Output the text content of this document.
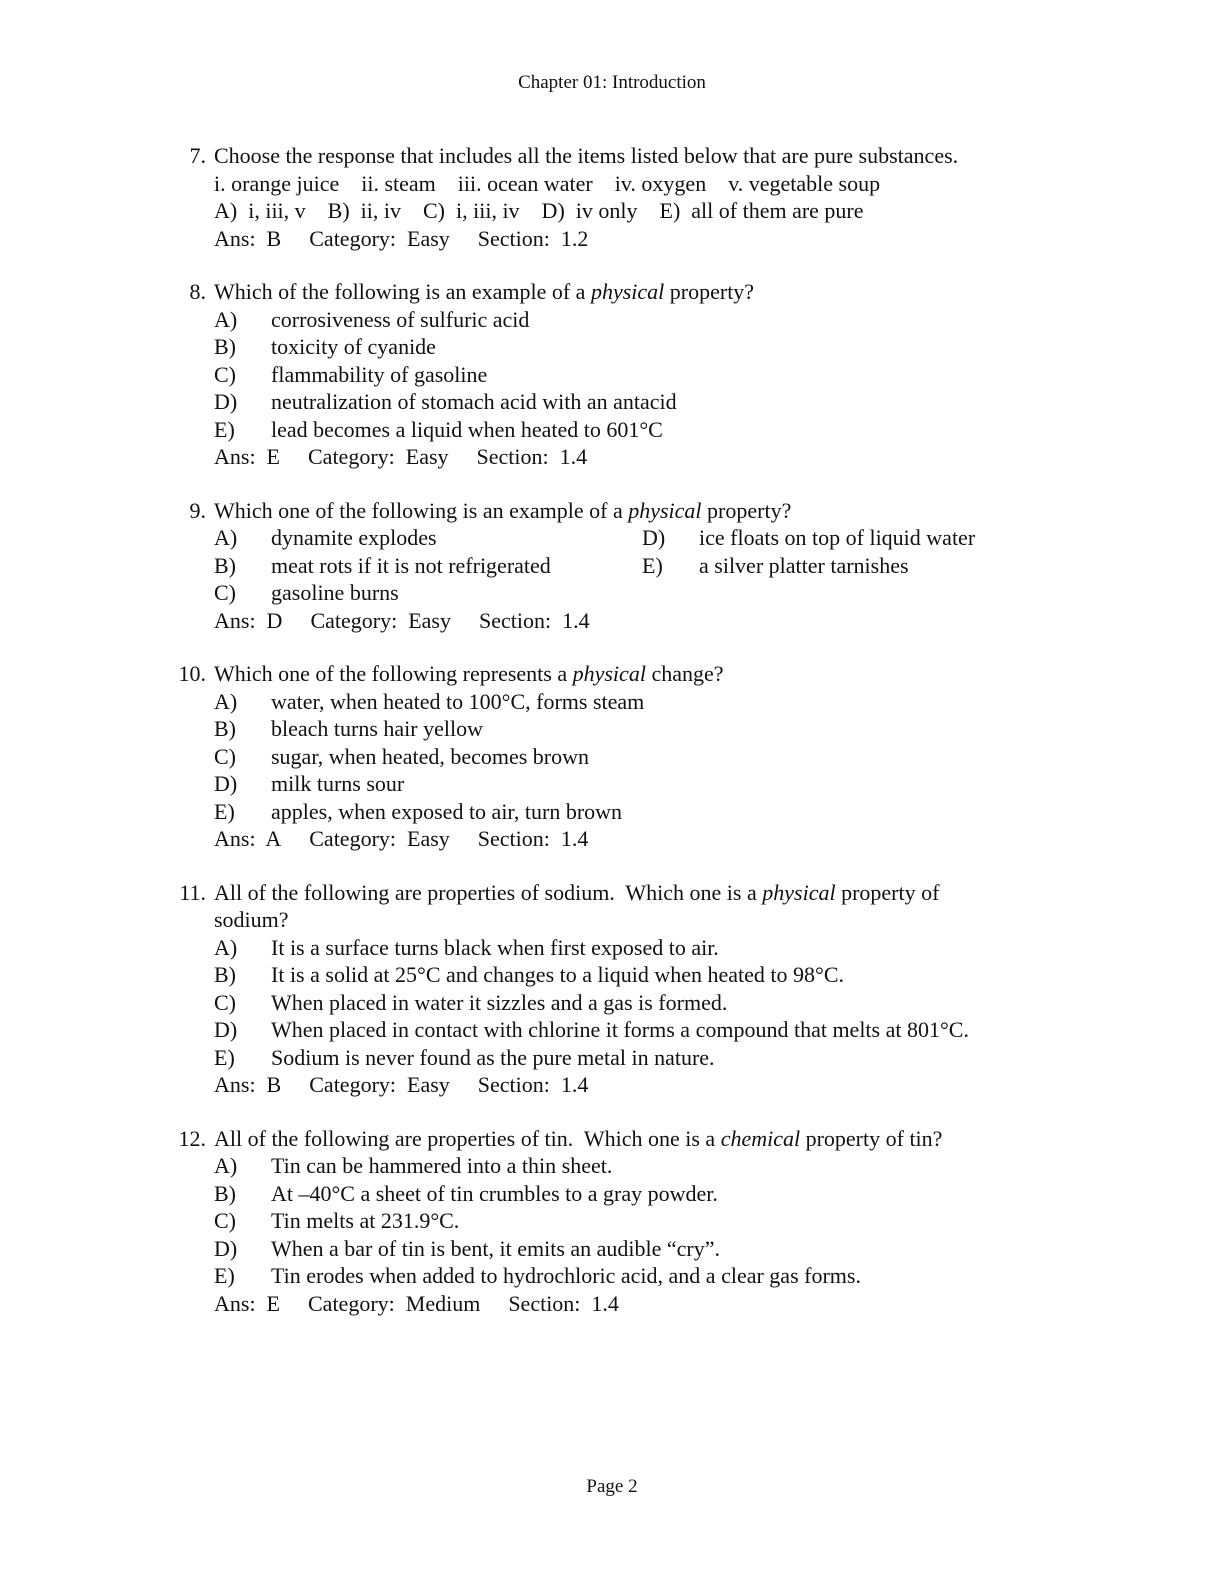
Chapter 01: Introduction
7. Choose the response that includes all the items listed below that are pure substances.
i. orange juice    ii. steam    iii. ocean water    iv. oxygen    v. vegetable soup
A)  i, iii, v    B)  ii, iv    C)  i, iii, iv    D)  iv only    E)  all of them are pure
Ans:  B Category:  Easy Section:  1.2
8. Which of the following is an example of a physical property?
A)	corrosiveness of sulfuric acid
B)	toxicity of cyanide
C)	flammability of gasoline
D)	neutralization of stomach acid with an antacid
E)	lead becomes a liquid when heated to 601°C
Ans:  E Category:  Easy Section:  1.4
9. Which one of the following is an example of a physical property?
A)	dynamite explodes
B)	meat rots if it is not refrigerated
C)	gasoline burns
D)	ice floats on top of liquid water
E)	a silver platter tarnishes
Ans:  D Category:  Easy Section:  1.4
10. Which one of the following represents a physical change?
A)	water, when heated to 100°C, forms steam
B)	bleach turns hair yellow
C)	sugar, when heated, becomes brown
D)	milk turns sour
E)	apples, when exposed to air, turn brown
Ans:  A Category:  Easy Section:  1.4
11. All of the following are properties of sodium.  Which one is a physical property of
sodium?
A)	It is a surface turns black when first exposed to air.
B)	It is a solid at 25°C and changes to a liquid when heated to 98°C.
C)	When placed in water it sizzles and a gas is formed.
D)	When placed in contact with chlorine it forms a compound that melts at 801°C.
E)	Sodium is never found as the pure metal in nature.
Ans:  B Category:  Easy Section:  1.4
12. All of the following are properties of tin.  Which one is a chemical property of tin?
A)	Tin can be hammered into a thin sheet.
B)	At –40°C a sheet of tin crumbles to a gray powder.
C)	Tin melts at 231.9°C.
D)	When a bar of tin is bent, it emits an audible “cry”.
E)	Tin erodes when added to hydrochloric acid, and a clear gas forms.
Ans:  E Category:  Medium Section:  1.4
Page 2
